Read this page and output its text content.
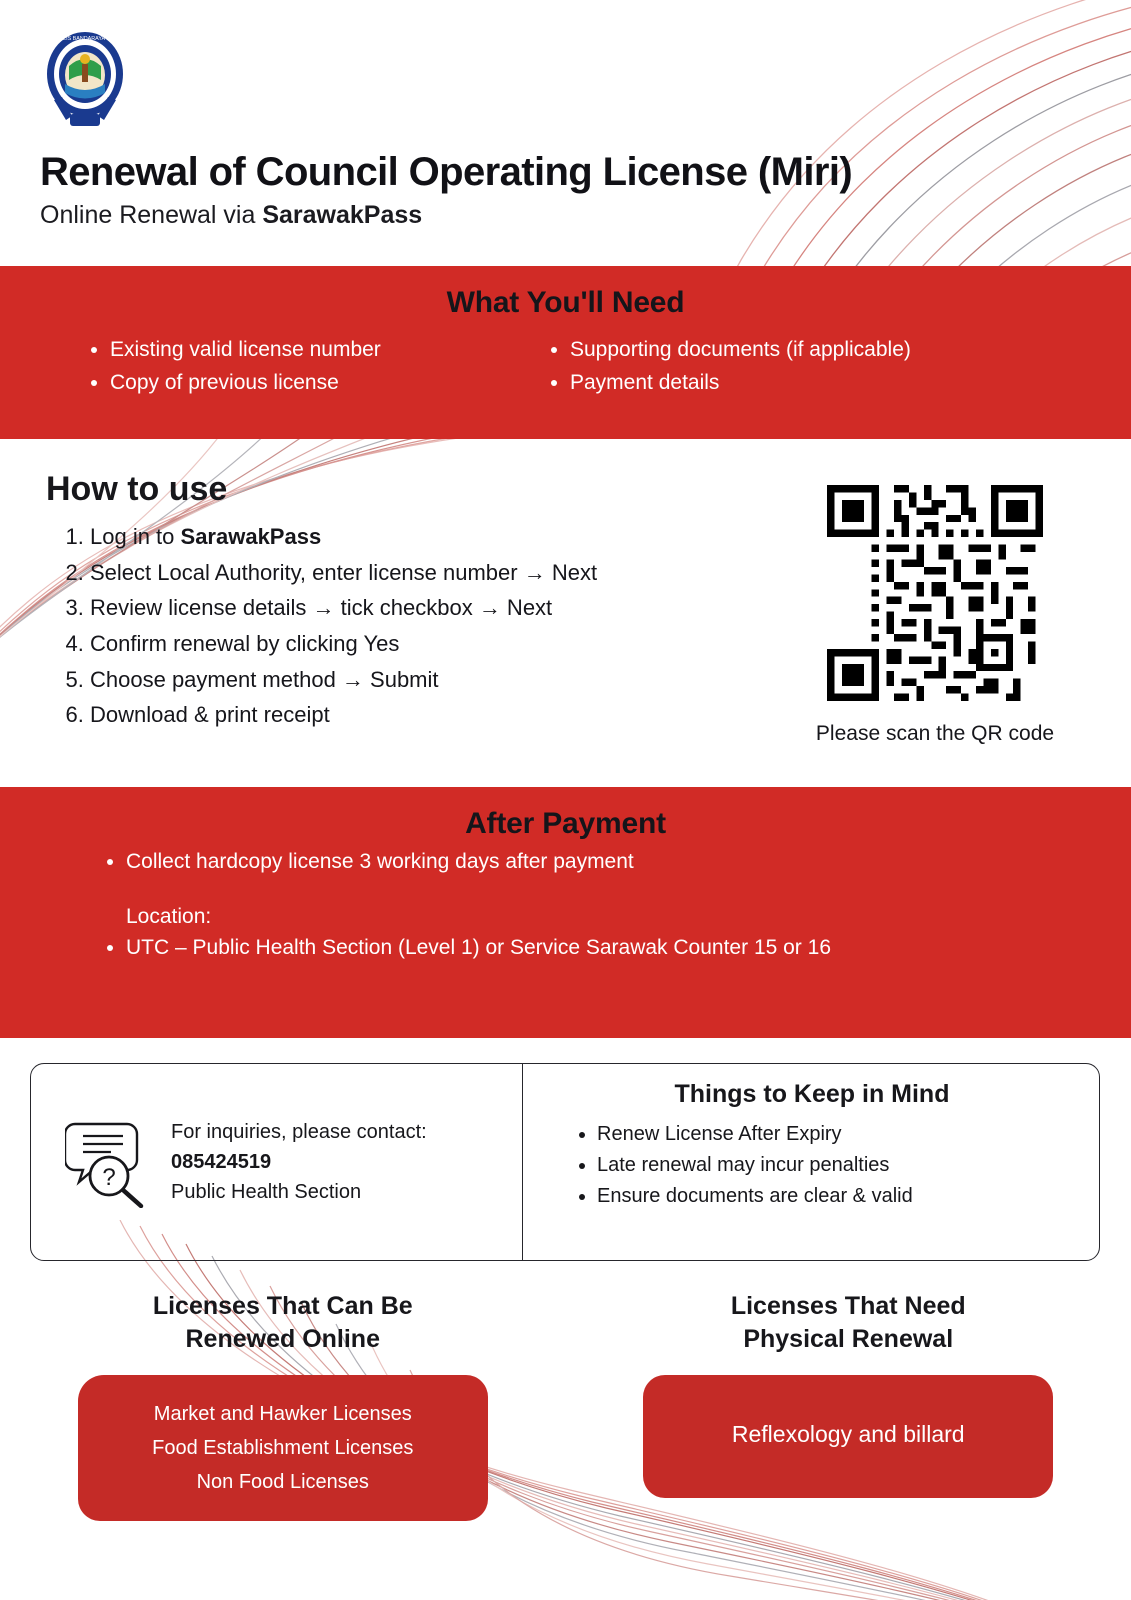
MAJLIS BANDARAYA MIRI
Renewal of Council Operating License (Miri)
Online Renewal via SarawakPass
What You'll Need
• Existing valid license number
• Copy of previous license
• Supporting documents (if applicable)
• Payment details
How to use
1. Log in to SarawakPass
2. Select Local Authority, enter license number → Next
3. Review license details → tick checkbox → Next
4. Confirm renewal by clicking Yes
5. Choose payment method → Submit
6. Download & print receipt
Please scan the QR code
After Payment
• Collect hardcopy license 3 working days after payment
Location:
• UTC – Public Health Section (Level 1) or Service Sarawak Counter 15 or 16
?
For inquiries, please contact:
085424519
Public Health Section
Things to Keep in Mind
• Renew License After Expiry
• Late renewal may incur penalties
• Ensure documents are clear & valid
Licenses That Can Be
Renewed Online
Market and Hawker Licenses
Food Establishment Licenses
Non Food Licenses
Licenses That Need
Physical Renewal
Reflexology and billard
